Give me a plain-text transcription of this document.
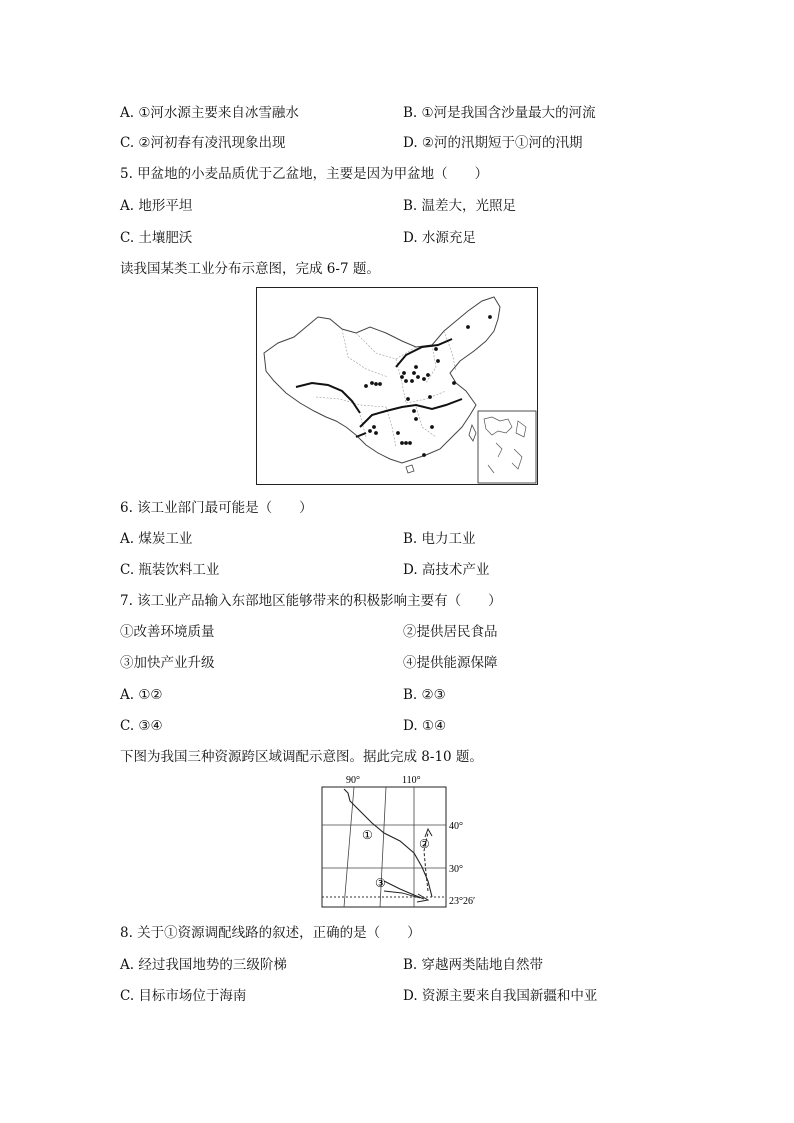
A. ①河水源主要来自冰雪融水	B. ①河是我国含沙量最大的河流
C. ②河初春有凌汛现象出现	D. ②河的汛期短于①河的汛期
5. 甲盆地的小麦品质优于乙盆地，主要是因为甲盆地（　　）
A. 地形平坦	B. 温差大，光照足
C. 土壤肥沃	D. 水源充足
读我国某类工业分布示意图，完成 6-7 题。
6. 该工业部门最可能是（　　）
A. 煤炭工业	B. 电力工业
C. 瓶装饮料工业	D. 高技术产业
7. 该工业产品输入东部地区能够带来的积极影响主要有（　　）
①改善环境质量	②提供居民食品
③加快产业升级	④提供能源保障
A. ①②	B. ②③
C. ③④	D. ①④
下图为我国三种资源跨区域调配示意图。据此完成 8-10 题。
90°	110°
40°
30°
23°26′
①
②
③
8. 关于①资源调配线路的叙述，正确的是（　　）
A. 经过我国地势的三级阶梯	B. 穿越两类陆地自然带
C. 目标市场位于海南	D. 资源主要来自我国新疆和中亚
